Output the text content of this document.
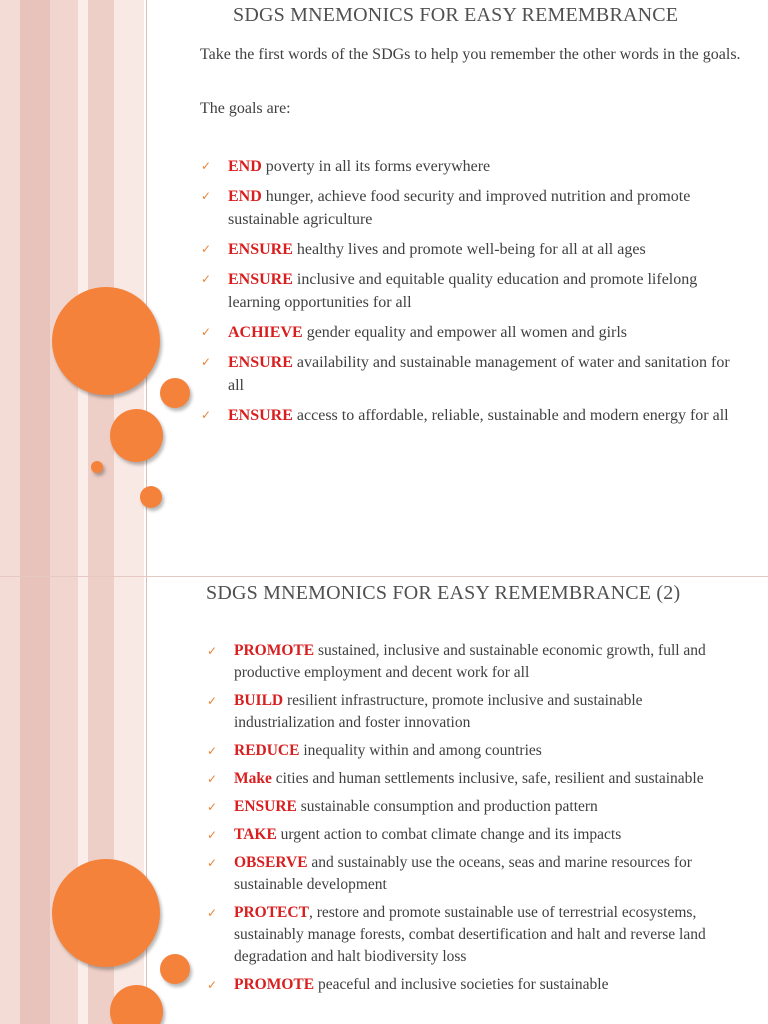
SDGS MNEMONICS FOR EASY REMEMBRANCE
Take the first words of the SDGs to help you remember the other words in the goals.
The goals are:
✓ END poverty in all its forms everywhere
✓ END hunger, achieve food security and improved nutrition and promote sustainable agriculture
✓ ENSURE healthy lives and promote well-being for all at all ages
✓ ENSURE inclusive and equitable quality education and promote lifelong learning opportunities for all
✓ ACHIEVE gender equality and empower all women and girls
✓ ENSURE availability and sustainable management of water and sanitation for all
✓ ENSURE access to affordable, reliable, sustainable and modern energy for all
SDGS MNEMONICS FOR EASY REMEMBRANCE (2)
✓ PROMOTE sustained, inclusive and sustainable economic growth, full and productive employment and decent work for all
✓ BUILD resilient infrastructure, promote inclusive and sustainable industrialization and foster innovation
✓ REDUCE inequality within and among countries
✓ Make cities and human settlements inclusive, safe, resilient and sustainable
✓ ENSURE sustainable consumption and production pattern
✓ TAKE urgent action to combat climate change and its impacts
✓ OBSERVE and sustainably use the oceans, seas and marine resources for sustainable development
✓ PROTECT, restore and promote sustainable use of terrestrial ecosystems, sustainably manage forests, combat desertification and halt and reverse land degradation and halt biodiversity loss
✓ PROMOTE peaceful and inclusive societies for sustainable
